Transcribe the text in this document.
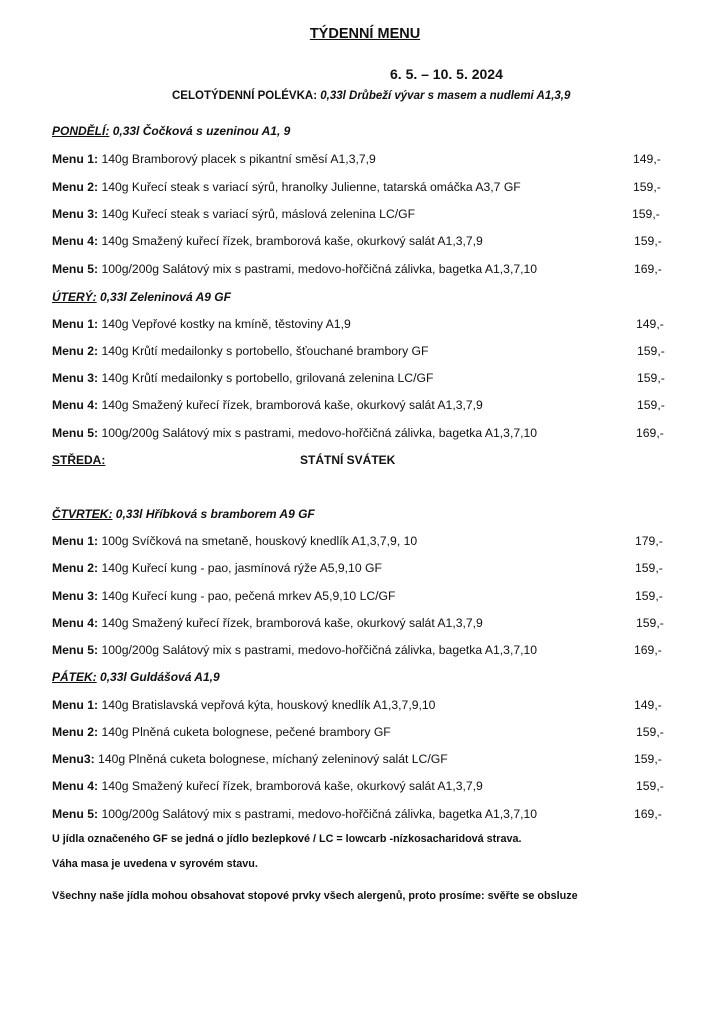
TÝDENNÍ MENU
6. 5. – 10. 5. 2024
CELOTÝDENNÍ POLÉVKA: 0,33l Drůbeží vývar s masem a nudlemi A1,3,9
PONDĚLÍ: 0,33l Čočková s uzeninou A1, 9
Menu 1: 140g Bramborový placek s pikantní směsí A1,3,7,9	149,-
Menu 2: 140g Kuřecí steak s variací sýrů, hranolky Julienne, tatarská omáčka A3,7 GF	159,-
Menu 3: 140g Kuřecí steak s variací sýrů, máslová zelenina LC/GF	159,-
Menu 4: 140g Smažený kuřecí řízek, bramborová kaše, okurkový salát A1,3,7,9	159,-
Menu 5: 100g/200g Salátový mix s pastrami, medovo-hořčičná zálivka, bagetka A1,3,7,10	169,-
ÚTERÝ: 0,33l Zeleninová A9 GF
Menu 1: 140g Vepřové kostky na kmíně, těstoviny A1,9	149,-
Menu 2: 140g Krůtí medailonky s portobello, šťouchané brambory GF	159,-
Menu 3: 140g Krůtí medailonky s portobello, grilovaná zelenina LC/GF	159,-
Menu 4: 140g Smažený kuřecí řízek, bramborová kaše, okurkový salát A1,3,7,9	159,-
Menu 5: 100g/200g Salátový mix s pastrami, medovo-hořčičná zálivka, bagetka A1,3,7,10	169,-
STŘEDA:	STÁTNÍ SVÁTEK
ČTVRTEK: 0,33l Hříbková s bramborem A9 GF
Menu 1: 100g Svíčková na smetaně, houskový knedlík A1,3,7,9, 10	179,-
Menu 2: 140g Kuřecí kung - pao, jasmínová rýže A5,9,10 GF	159,-
Menu 3: 140g Kuřecí kung - pao, pečená mrkev A5,9,10 LC/GF	159,-
Menu 4: 140g Smažený kuřecí řízek, bramborová kaše, okurkový salát A1,3,7,9	159,-
Menu 5: 100g/200g Salátový mix s pastrami, medovo-hořčičná zálivka, bagetka A1,3,7,10	169,-
PÁTEK: 0,33l Guldášová A1,9
Menu 1: 140g Bratislavská vepřová kýta, houskový knedlík A1,3,7,9,10	149,-
Menu 2: 140g Plněná cuketa bolognese, pečené brambory GF	159,-
Menu3: 140g Plněná cuketa bolognese, míchaný zeleninový salát LC/GF	159,-
Menu 4: 140g Smažený kuřecí řízek, bramborová kaše, okurkový salát A1,3,7,9	159,-
Menu 5: 100g/200g Salátový mix s pastrami, medovo-hořčičná zálivka, bagetka A1,3,7,10	169,-
U jídla označeného GF se jedná o jídlo bezlepkové / LC = lowcarb -nízkosacharidová strava.
Váha masa je uvedena v syrovém stavu.
Všechny naše jídla mohou obsahovat stopové prvky všech alergenů, proto prosíme: svěřte se obsluze
